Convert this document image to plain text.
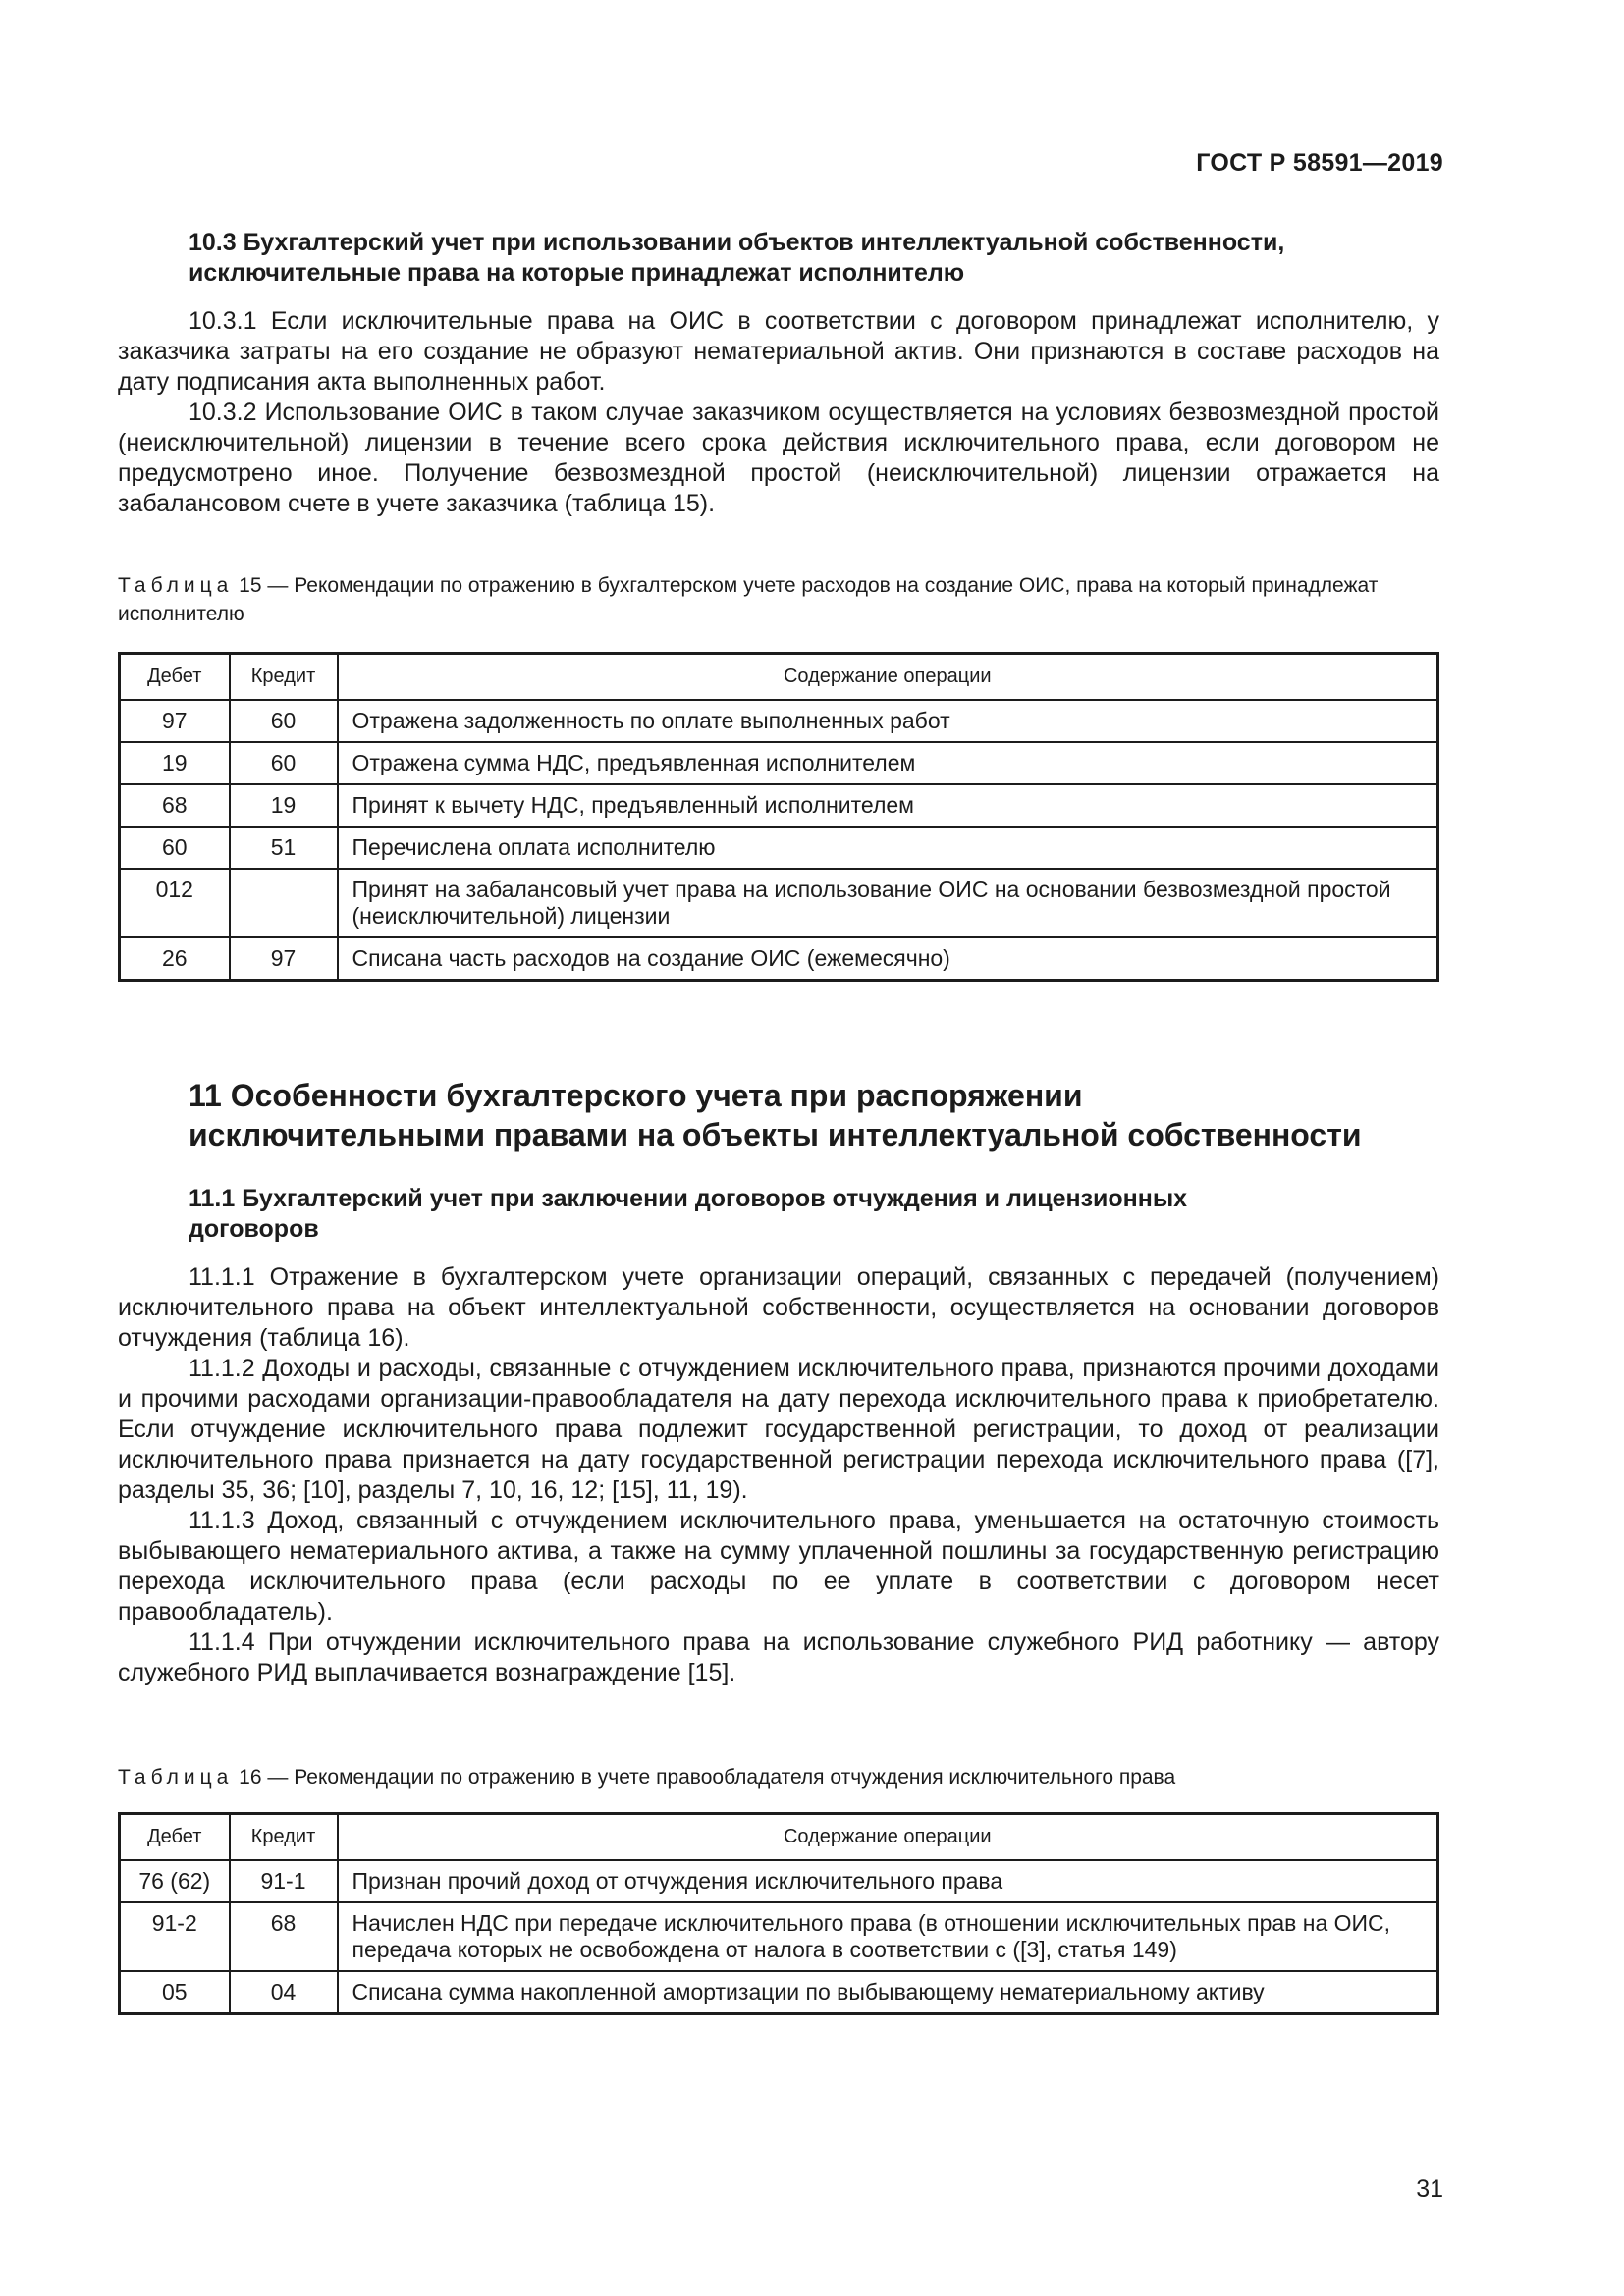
ГОСТ Р 58591—2019
10.3 Бухгалтерский учет при использовании объектов интеллектуальной собственности,
исключительные права на которые принадлежат исполнителю

10.3.1 Если исключительные права на ОИС в соответствии с договором принадлежат исполнителю, у заказчика затраты на его создание не образуют нематериальной актив. Они признаются в составе расходов на дату подписания акта выполненных работ.

10.3.2 Использование ОИС в таком случае заказчиком осуществляется на условиях безвозмездной простой (неисключительной) лицензии в течение всего срока действия исключительного права, если договором не предусмотрено иное. Получение безвозмездной простой (неисключительной) лицензии отражается на забалансовом счете в учете заказчика (таблица 15).

Таблица 15 — Рекомендации по отражению в бухгалтерском учете расходов на создание ОИС, права на который принадлежат исполнителю

Дебет	Кредит	Содержание операции
97	60	Отражена задолженность по оплате выполненных работ
19	60	Отражена сумма НДС, предъявленная исполнителем
68	19	Принят к вычету НДС, предъявленный исполнителем
60	51	Перечислена оплата исполнителю
012		Принят на забалансовый учет права на использование ОИС на основании безвозмездной простой (неисключительной) лицензии
26	97	Списана часть расходов на создание ОИС (ежемесячно)
11 Особенности бухгалтерского учета при распоряжении
исключительными правами на объекты интеллектуальной собственности
11.1 Бухгалтерский учет при заключении договоров отчуждения и лицензионных
договоров

11.1.1 Отражение в бухгалтерском учете организации операций, связанных с передачей (получением) исключительного права на объект интеллектуальной собственности, осуществляется на основании договоров отчуждения (таблица 16).

11.1.2 Доходы и расходы, связанные с отчуждением исключительного права, признаются прочими доходами и прочими расходами организации-правообладателя на дату перехода исключительного права к приобретателю. Если отчуждение исключительного права подлежит государственной регистрации, то доход от реализации исключительного права признается на дату государственной регистрации перехода исключительного права ([7], разделы 35, 36; [10], разделы 7, 10, 16, 12; [15], 11, 19).

11.1.3 Доход, связанный с отчуждением исключительного права, уменьшается на остаточную стоимость выбывающего нематериального актива, а также на сумму уплаченной пошлины за государственную регистрацию перехода исключительного права (если расходы по ее уплате в соответствии с договором несет правообладатель).

11.1.4 При отчуждении исключительного права на использование служебного РИД работнику — автору служебного РИД выплачивается вознаграждение [15].

Таблица 16 — Рекомендации по отражению в учете правообладателя отчуждения исключительного права

Дебет	Кредит	Содержание операции
76 (62)	91-1	Признан прочий доход от отчуждения исключительного права
91-2	68	Начислен НДС при передаче исключительного права (в отношении исключительных прав на ОИС, передача которых не освобождена от налога в соответствии с ([3], статья 149)
05	04	Списана сумма накопленной амортизации по выбывающему нематериальному активу
31
